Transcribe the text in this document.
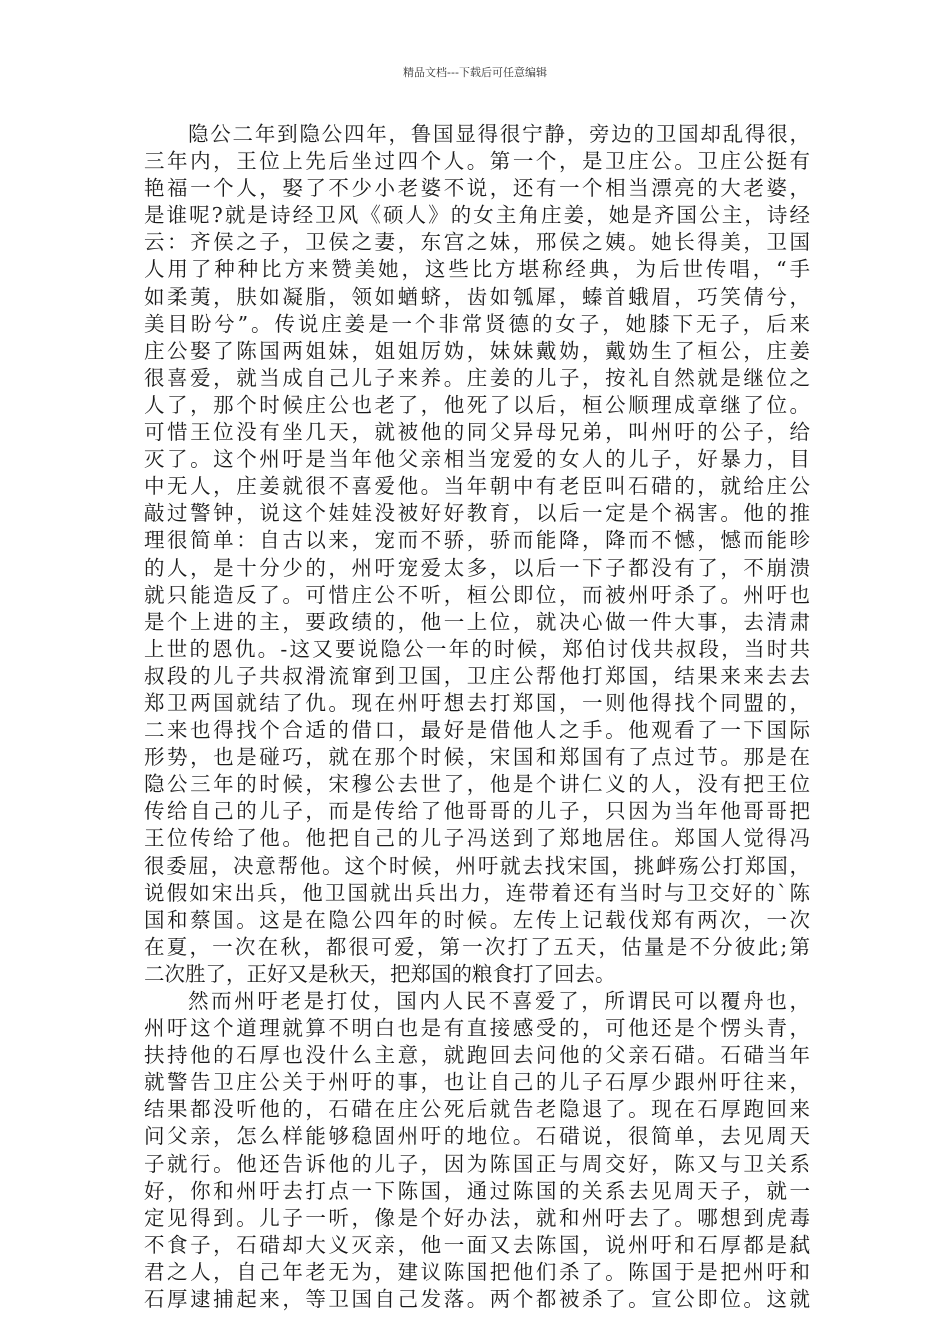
精品文档---下载后可任意编辑
隐公二年到隐公四年，鲁国显得很宁静，旁边的卫国却乱得很，
三年内，王位上先后坐过四个人。第一个，是卫庄公。卫庄公挺有
艳福一个人，娶了不少小老婆不说，还有一个相当漂亮的大老婆，
是谁呢?就是诗经卫风《硕人》的女主角庄姜，她是齐国公主，诗经
云：齐侯之子，卫侯之妻，东宫之妹，邢侯之姨。她长得美，卫国
人用了种种比方来赞美她，这些比方堪称经典，为后世传唱，“手
如柔荑，肤如凝脂，领如蝤蛴，齿如瓠犀，螓首蛾眉，巧笑倩兮，
美目盼兮”。传说庄姜是一个非常贤德的女子，她膝下无子，后来
庄公娶了陈国两姐妹，姐姐厉妫，妹妹戴妫，戴妫生了桓公，庄姜
很喜爱，就当成自己儿子来养。庄姜的儿子，按礼自然就是继位之
人了，那个时候庄公也老了，他死了以后，桓公顺理成章继了位。
可惜王位没有坐几天，就被他的同父异母兄弟，叫州吁的公子，给
灭了。这个州吁是当年他父亲相当宠爱的女人的儿子，好暴力，目
中无人，庄姜就很不喜爱他。当年朝中有老臣叫石碏的，就给庄公
敲过警钟，说这个娃娃没被好好教育，以后一定是个祸害。他的推
理很简单：自古以来，宠而不骄，骄而能降，降而不憾，憾而能昣
的人，是十分少的，州吁宠爱太多，以后一下子都没有了，不崩溃
就只能造反了。可惜庄公不听，桓公即位，而被州吁杀了。州吁也
是个上进的主，要政绩的，他一上位，就决心做一件大事，去清肃
上世的恩仇。-这又要说隐公一年的时候，郑伯讨伐共叔段，当时共
叔段的儿子共叔滑流窜到卫国，卫庄公帮他打郑国，结果来来去去
郑卫两国就结了仇。现在州吁想去打郑国，一则他得找个同盟的，
二来也得找个合适的借口，最好是借他人之手。他观看了一下国际
形势，也是碰巧，就在那个时候，宋国和郑国有了点过节。那是在
隐公三年的时候，宋穆公去世了，他是个讲仁义的人，没有把王位
传给自己的儿子，而是传给了他哥哥的儿子，只因为当年他哥哥把
王位传给了他。他把自己的儿子冯送到了郑地居住。郑国人觉得冯
很委屈，决意帮他。这个时候，州吁就去找宋国，挑衅殇公打郑国，
说假如宋出兵，他卫国就出兵出力，连带着还有当时与卫交好的`陈
国和蔡国。这是在隐公四年的时候。左传上记载伐郑有两次，一次
在夏，一次在秋，都很可爱，第一次打了五天，估量是不分彼此;第
二次胜了，正好又是秋天，把郑国的粮食打了回去。
然而州吁老是打仗，国内人民不喜爱了，所谓民可以覆舟也，
州吁这个道理就算不明白也是有直接感受的，可他还是个愣头青，
扶持他的石厚也没什么主意，就跑回去问他的父亲石碏。石碏当年
就警告卫庄公关于州吁的事，也让自己的儿子石厚少跟州吁往来，
结果都没听他的，石碏在庄公死后就告老隐退了。现在石厚跑回来
问父亲，怎么样能够稳固州吁的地位。石碏说，很简单，去见周天
子就行。他还告诉他的儿子，因为陈国正与周交好，陈又与卫关系
好，你和州吁去打点一下陈国，通过陈国的关系去见周天子，就一
定见得到。儿子一听，像是个好办法，就和州吁去了。哪想到虎毒
不食子，石碏却大义灭亲，他一面又去陈国，说州吁和石厚都是弑
君之人，自己年老无为，建议陈国把他们杀了。陈国于是把州吁和
石厚逮捕起来，等卫国自己发落。两个都被杀了。宣公即位。这就
